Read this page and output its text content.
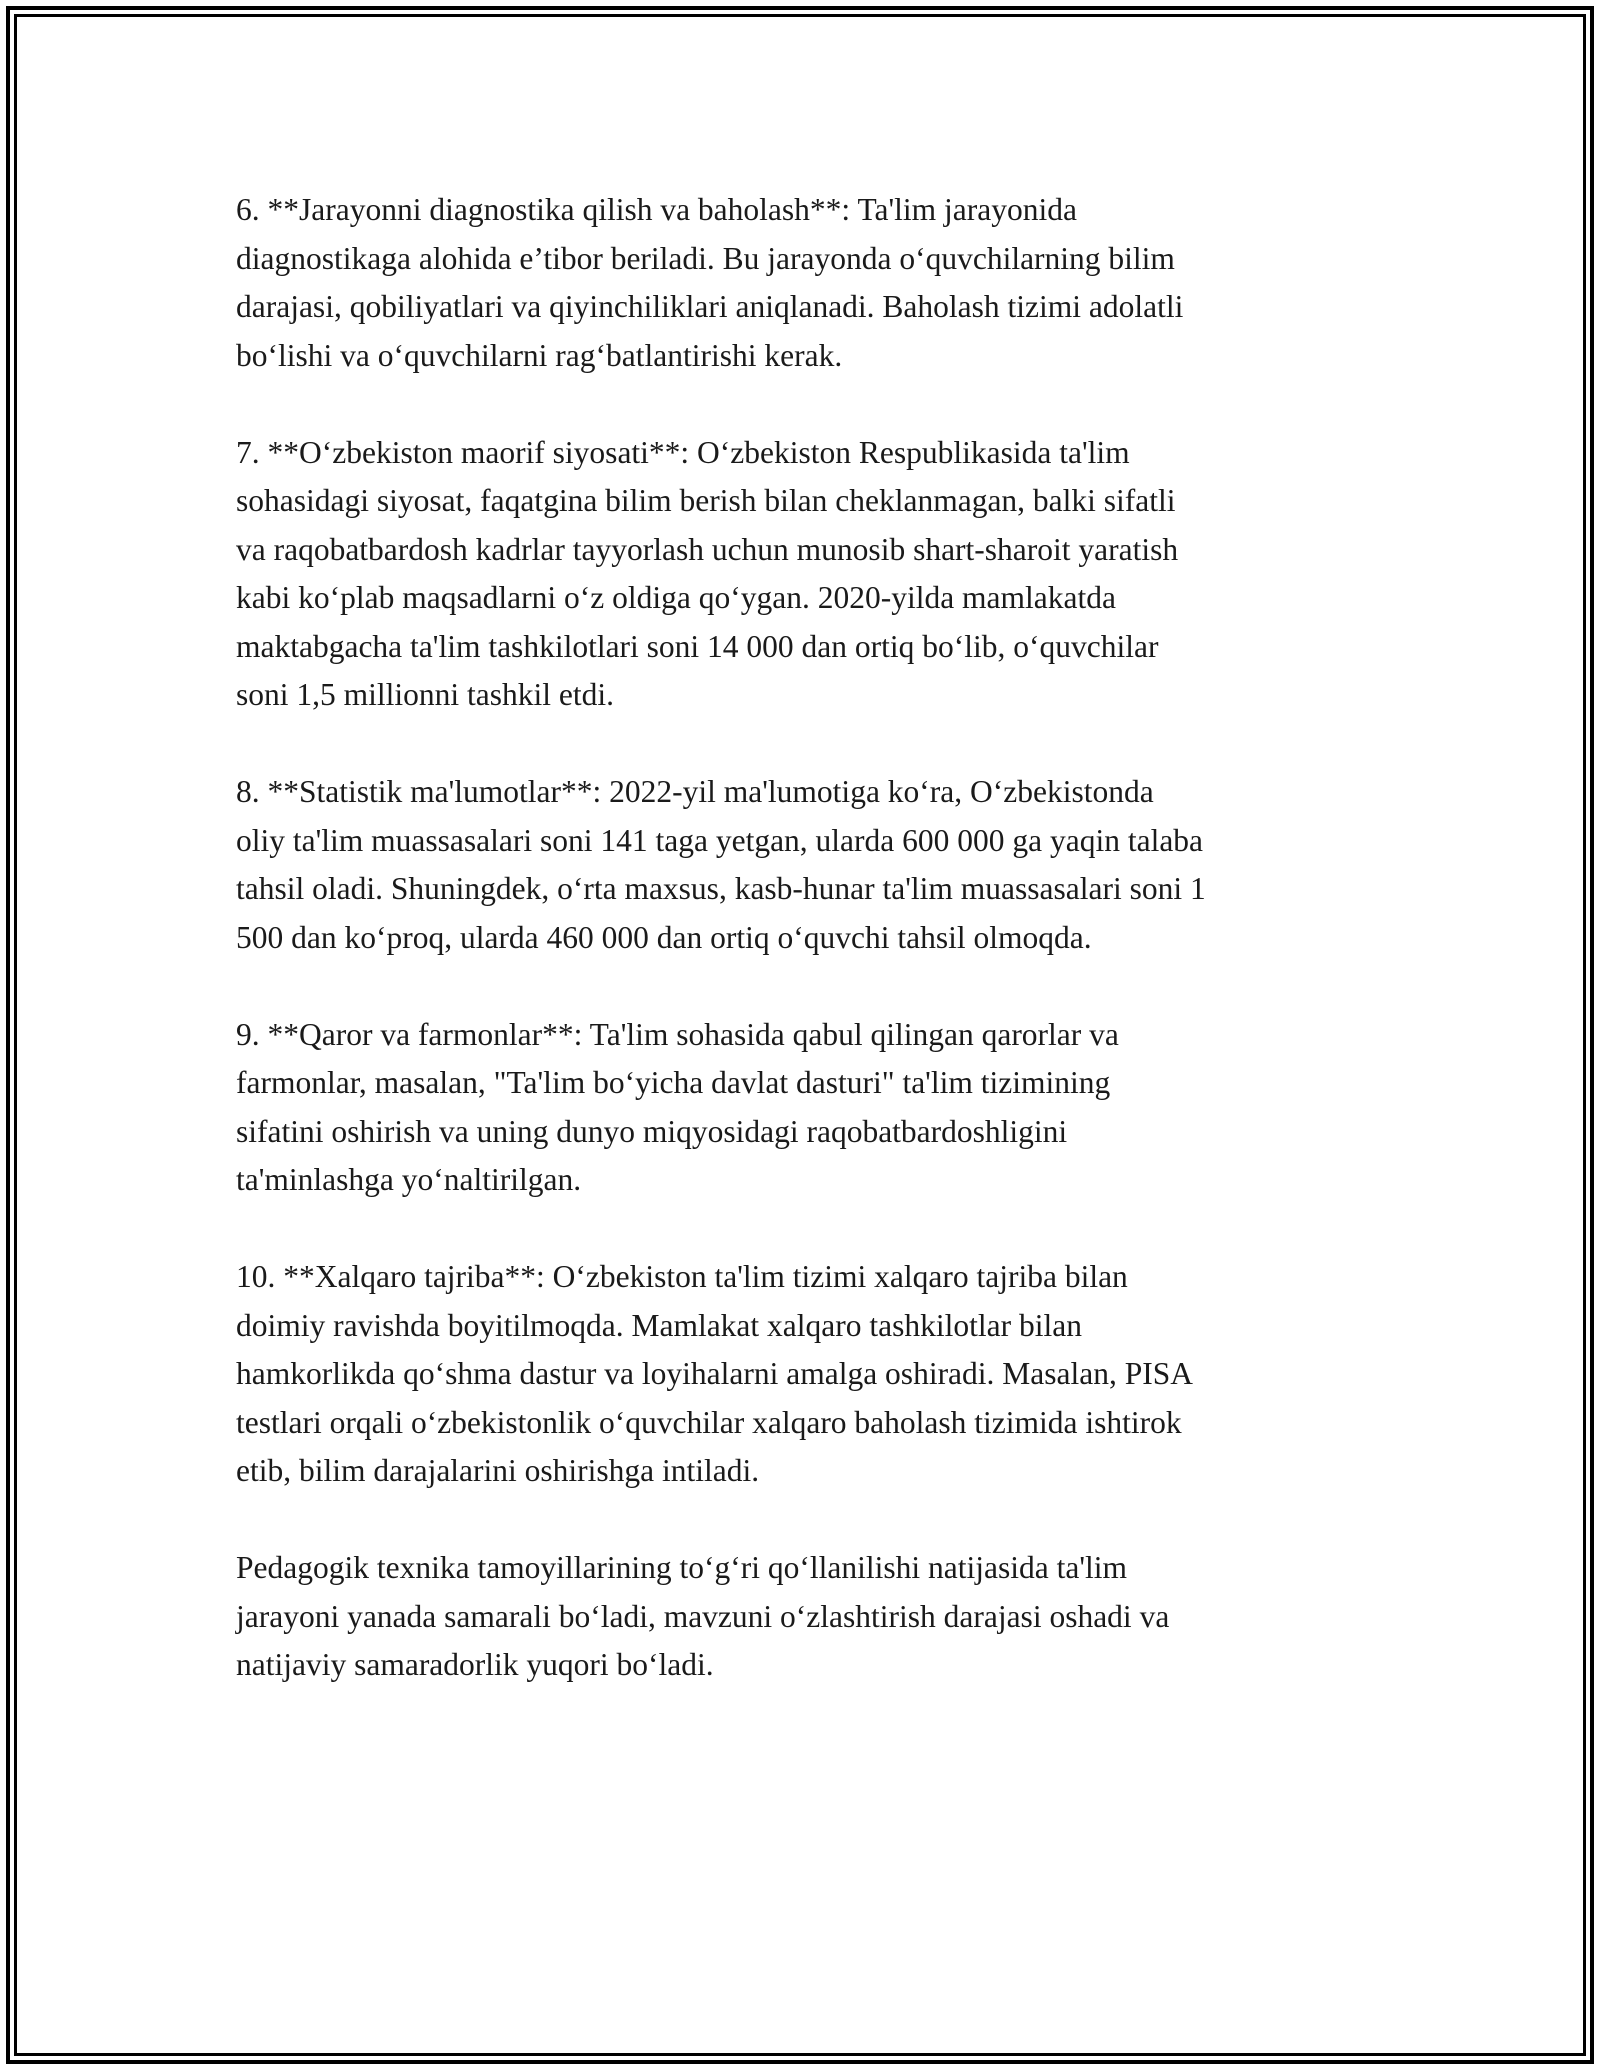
6. **Jarayonni diagnostika qilish va baholash**: Ta'lim jarayonida
diagnostikaga alohida e’tibor beriladi. Bu jarayonda o‘quvchilarning bilim
darajasi, qobiliyatlari va qiyinchiliklari aniqlanadi. Baholash tizimi adolatli
bo‘lishi va o‘quvchilarni rag‘batlantirishi kerak.

7. **O‘zbekiston maorif siyosati**: O‘zbekiston Respublikasida ta'lim
sohasidagi siyosat, faqatgina bilim berish bilan cheklanmagan, balki sifatli
va raqobatbardosh kadrlar tayyorlash uchun munosib shart-sharoit yaratish
kabi ko‘plab maqsadlarni o‘z oldiga qo‘ygan. 2020-yilda mamlakatda
maktabgacha ta'lim tashkilotlari soni 14 000 dan ortiq bo‘lib, o‘quvchilar
soni 1,5 millionni tashkil etdi.

8. **Statistik ma'lumotlar**: 2022-yil ma'lumotiga ko‘ra, O‘zbekistonda
oliy ta'lim muassasalari soni 141 taga yetgan, ularda 600 000 ga yaqin talaba
tahsil oladi. Shuningdek, o‘rta maxsus, kasb-hunar ta'lim muassasalari soni 1
500 dan ko‘proq, ularda 460 000 dan ortiq o‘quvchi tahsil olmoqda.

9. **Qaror va farmonlar**: Ta'lim sohasida qabul qilingan qarorlar va
farmonlar, masalan, "Ta'lim bo‘yicha davlat dasturi" ta'lim tizimining
sifatini oshirish va uning dunyo miqyosidagi raqobatbardoshligini
ta'minlashga yo‘naltirilgan.

10. **Xalqaro tajriba**: O‘zbekiston ta'lim tizimi xalqaro tajriba bilan
doimiy ravishda boyitilmoqda. Mamlakat xalqaro tashkilotlar bilan
hamkorlikda qo‘shma dastur va loyihalarni amalga oshiradi. Masalan, PISA
testlari orqali o‘zbekistonlik o‘quvchilar xalqaro baholash tizimida ishtirok
etib, bilim darajalarini oshirishga intiladi.

Pedagogik texnika tamoyillarining to‘g‘ri qo‘llanilishi natijasida ta'lim
jarayoni yanada samarali bo‘ladi, mavzuni o‘zlashtirish darajasi oshadi va
natijaviy samaradorlik yuqori bo‘ladi.
